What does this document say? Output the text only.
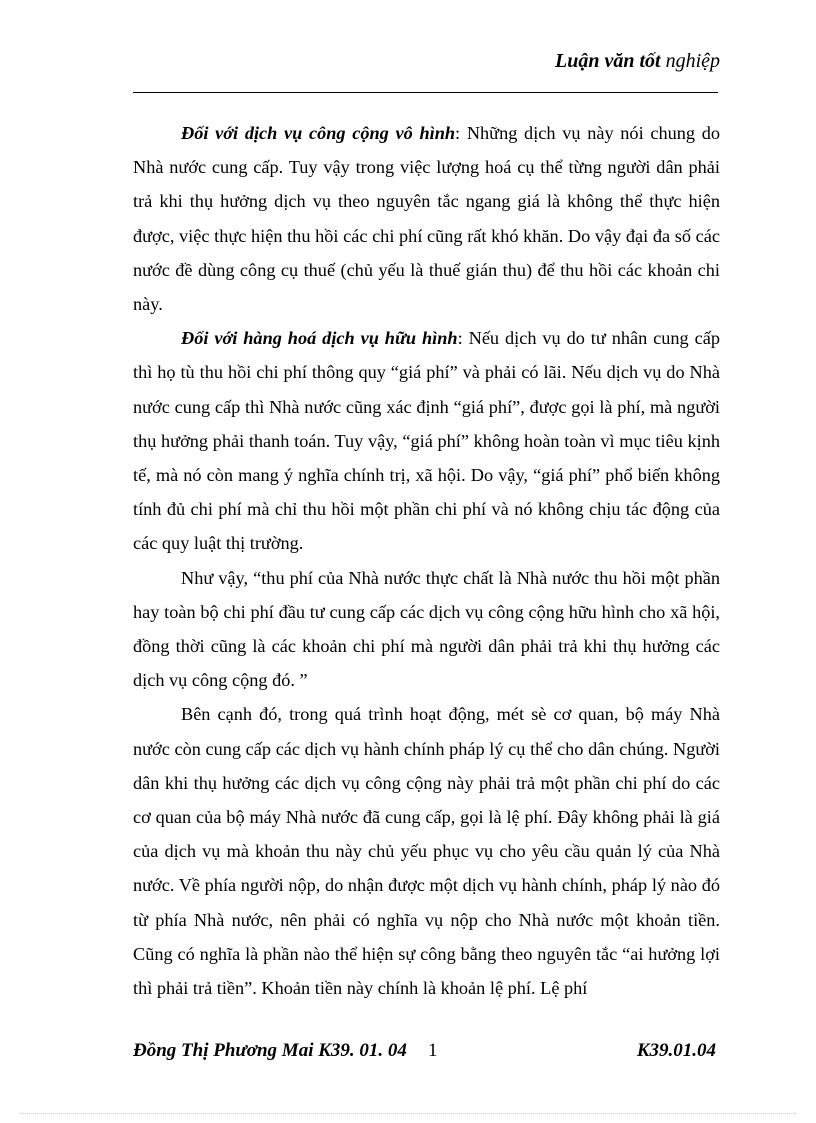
Luận văn tốt nghiệp

Đối với dịch vụ công cộng vô hình: Những dịch vụ này nói chung do Nhà nước cung cấp. Tuy vậy trong việc lượng hoá cụ thể từng người dân phải trả khi thụ hưởng dịch vụ theo nguyên tắc ngang giá là không thể thực hiện được, việc thực hiện thu hồi các chi phí cũng rất khó khăn. Do vậy đại đa số các nước đề dùng công cụ thuế (chủ yếu là thuế gián thu) để thu hồi các khoản chi này.

Đối với hàng hoá dịch vụ hữu hình: Nếu dịch vụ do tư nhân cung cấp thì họ tù thu hồi chi phí thông quy “giá phí” và phải có lãi. Nếu dịch vụ do Nhà nước cung cấp thì Nhà nước cũng xác định “giá phí”, được gọi là phí, mà người thụ hưởng phải thanh toán. Tuy vậy, “giá phí” không hoàn toàn vì mục tiêu kịnh tế, mà nó còn mang ý nghĩa chính trị, xã hội. Do vậy, “giá phí” phổ biến không tính đủ chi phí mà chỉ thu hồi một phần chi phí và nó không chịu tác động của các quy luật thị trường.

Như vậy, “thu phí của Nhà nước thực chất là Nhà nước thu hồi một phần hay toàn bộ chi phí đầu tư cung cấp các dịch vụ công cộng hữu hình cho xã hội, đồng thời cũng là các khoản chi phí mà người dân phải trả khi thụ hưởng các dịch vụ công cộng đó. ”

Bên cạnh đó, trong quá trình hoạt động, mét sè cơ quan, bộ máy Nhà nước còn cung cấp các dịch vụ hành chính pháp lý cụ thể cho dân chúng. Người dân khi thụ hưởng các dịch vụ công cộng này phải trả một phần chi phí do các cơ quan của bộ máy Nhà nước đã cung cấp, gọi là lệ phí. Đây không phải là giá của dịch vụ mà khoản thu này chủ yếu phục vụ cho yêu cầu quản lý của Nhà nước. Về phía người nộp, do nhận được một dịch vụ hành chính, pháp lý nào đó từ phía Nhà nước, nên phải có nghĩa vụ nộp cho Nhà nước một khoản tiền. Cũng có nghĩa là phần nào thể hiện sự công bằng theo nguyên tắc “ai hưởng lợi thì phải trả tiền”. Khoản tiền này chính là khoản lệ phí. Lệ phí

Đồng Thị Phương Mai K39. 01. 04 1	K39.01.04
